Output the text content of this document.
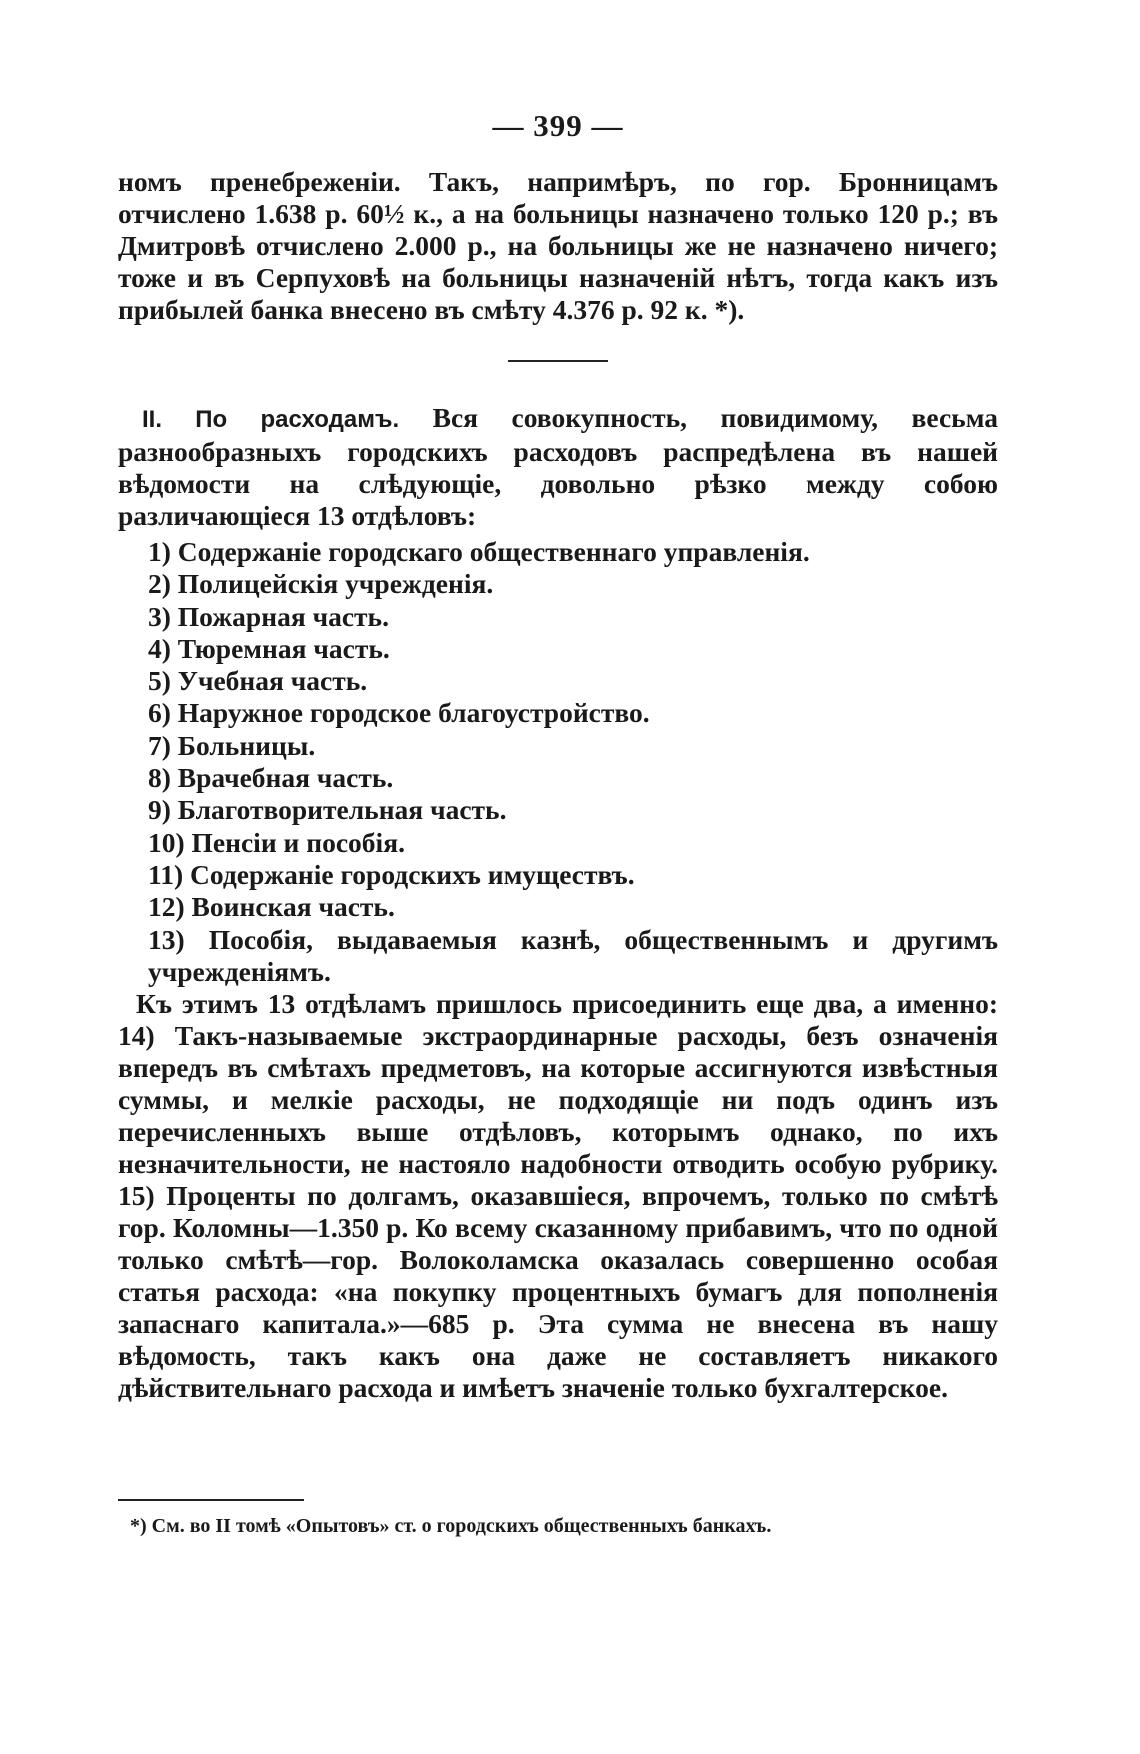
— 399 —

номъ пренебреженіи. Такъ, напримѣръ, по гор. Бронницамъ отчислено 1.638 р. 60½ к., а на больницы назначено только 120 р.; въ Дмитровѣ отчислено 2.000 р., на больницы же не назначено ничего; тоже и въ Серпуховѣ на больницы назначеній нѣтъ, тогда какъ изъ прибылей банка внесено въ смѣту 4.376 р. 92 к. *).

II. По расходамъ. Вся совокупность, повидимому, весьма разнообразныхъ городскихъ расходовъ распредѣлена въ нашей вѣдомости на слѣдующіе, довольно рѣзко между собою различающіеся 13 отдѣловъ:

1) Содержаніе городскаго общественнаго управленія.
2) Полицейскія учрежденія.
3) Пожарная часть.
4) Тюремная часть.
5) Учебная часть.
6) Наружное городское благоустройство.
7) Больницы.
8) Врачебная часть.
9) Благотворительная часть.
10) Пенсіи и пособія.
11) Содержаніе городскихъ имуществъ.
12) Воинская часть.
13) Пособія, выдаваемыя казнѣ, общественнымъ и другимъ учрежденіямъ.

Къ этимъ 13 отдѣламъ пришлось присоединить еще два, а именно: 14) Такъ-называемые экстраординарные расходы, безъ означенія впередъ въ смѣтахъ предметовъ, на которые ассигнуются извѣстныя суммы, и мелкіе расходы, не подходящіе ни подъ одинъ изъ перечисленныхъ выше отдѣловъ, которымъ однако, по ихъ незначительности, не настояло надобности отводить особую рубрику. 15) Проценты по долгамъ, оказавшіеся, впрочемъ, только по смѣтѣ гор. Коломны—1.350 р. Ко всему сказанному прибавимъ, что по одной только смѣтѣ—гор. Волоколамска оказалась совершенно особая статья расхода: «на покупку процентныхъ бумагъ для пополненія запаснаго капитала.»—685 р. Эта сумма не внесена въ нашу вѣдомость, такъ какъ она даже не составляетъ никакого дѣйствительнаго расхода и имѣетъ значеніе только бухгалтерское.

*) См. во II томѣ «Опытовъ» ст. о городскихъ общественныхъ банкахъ.
